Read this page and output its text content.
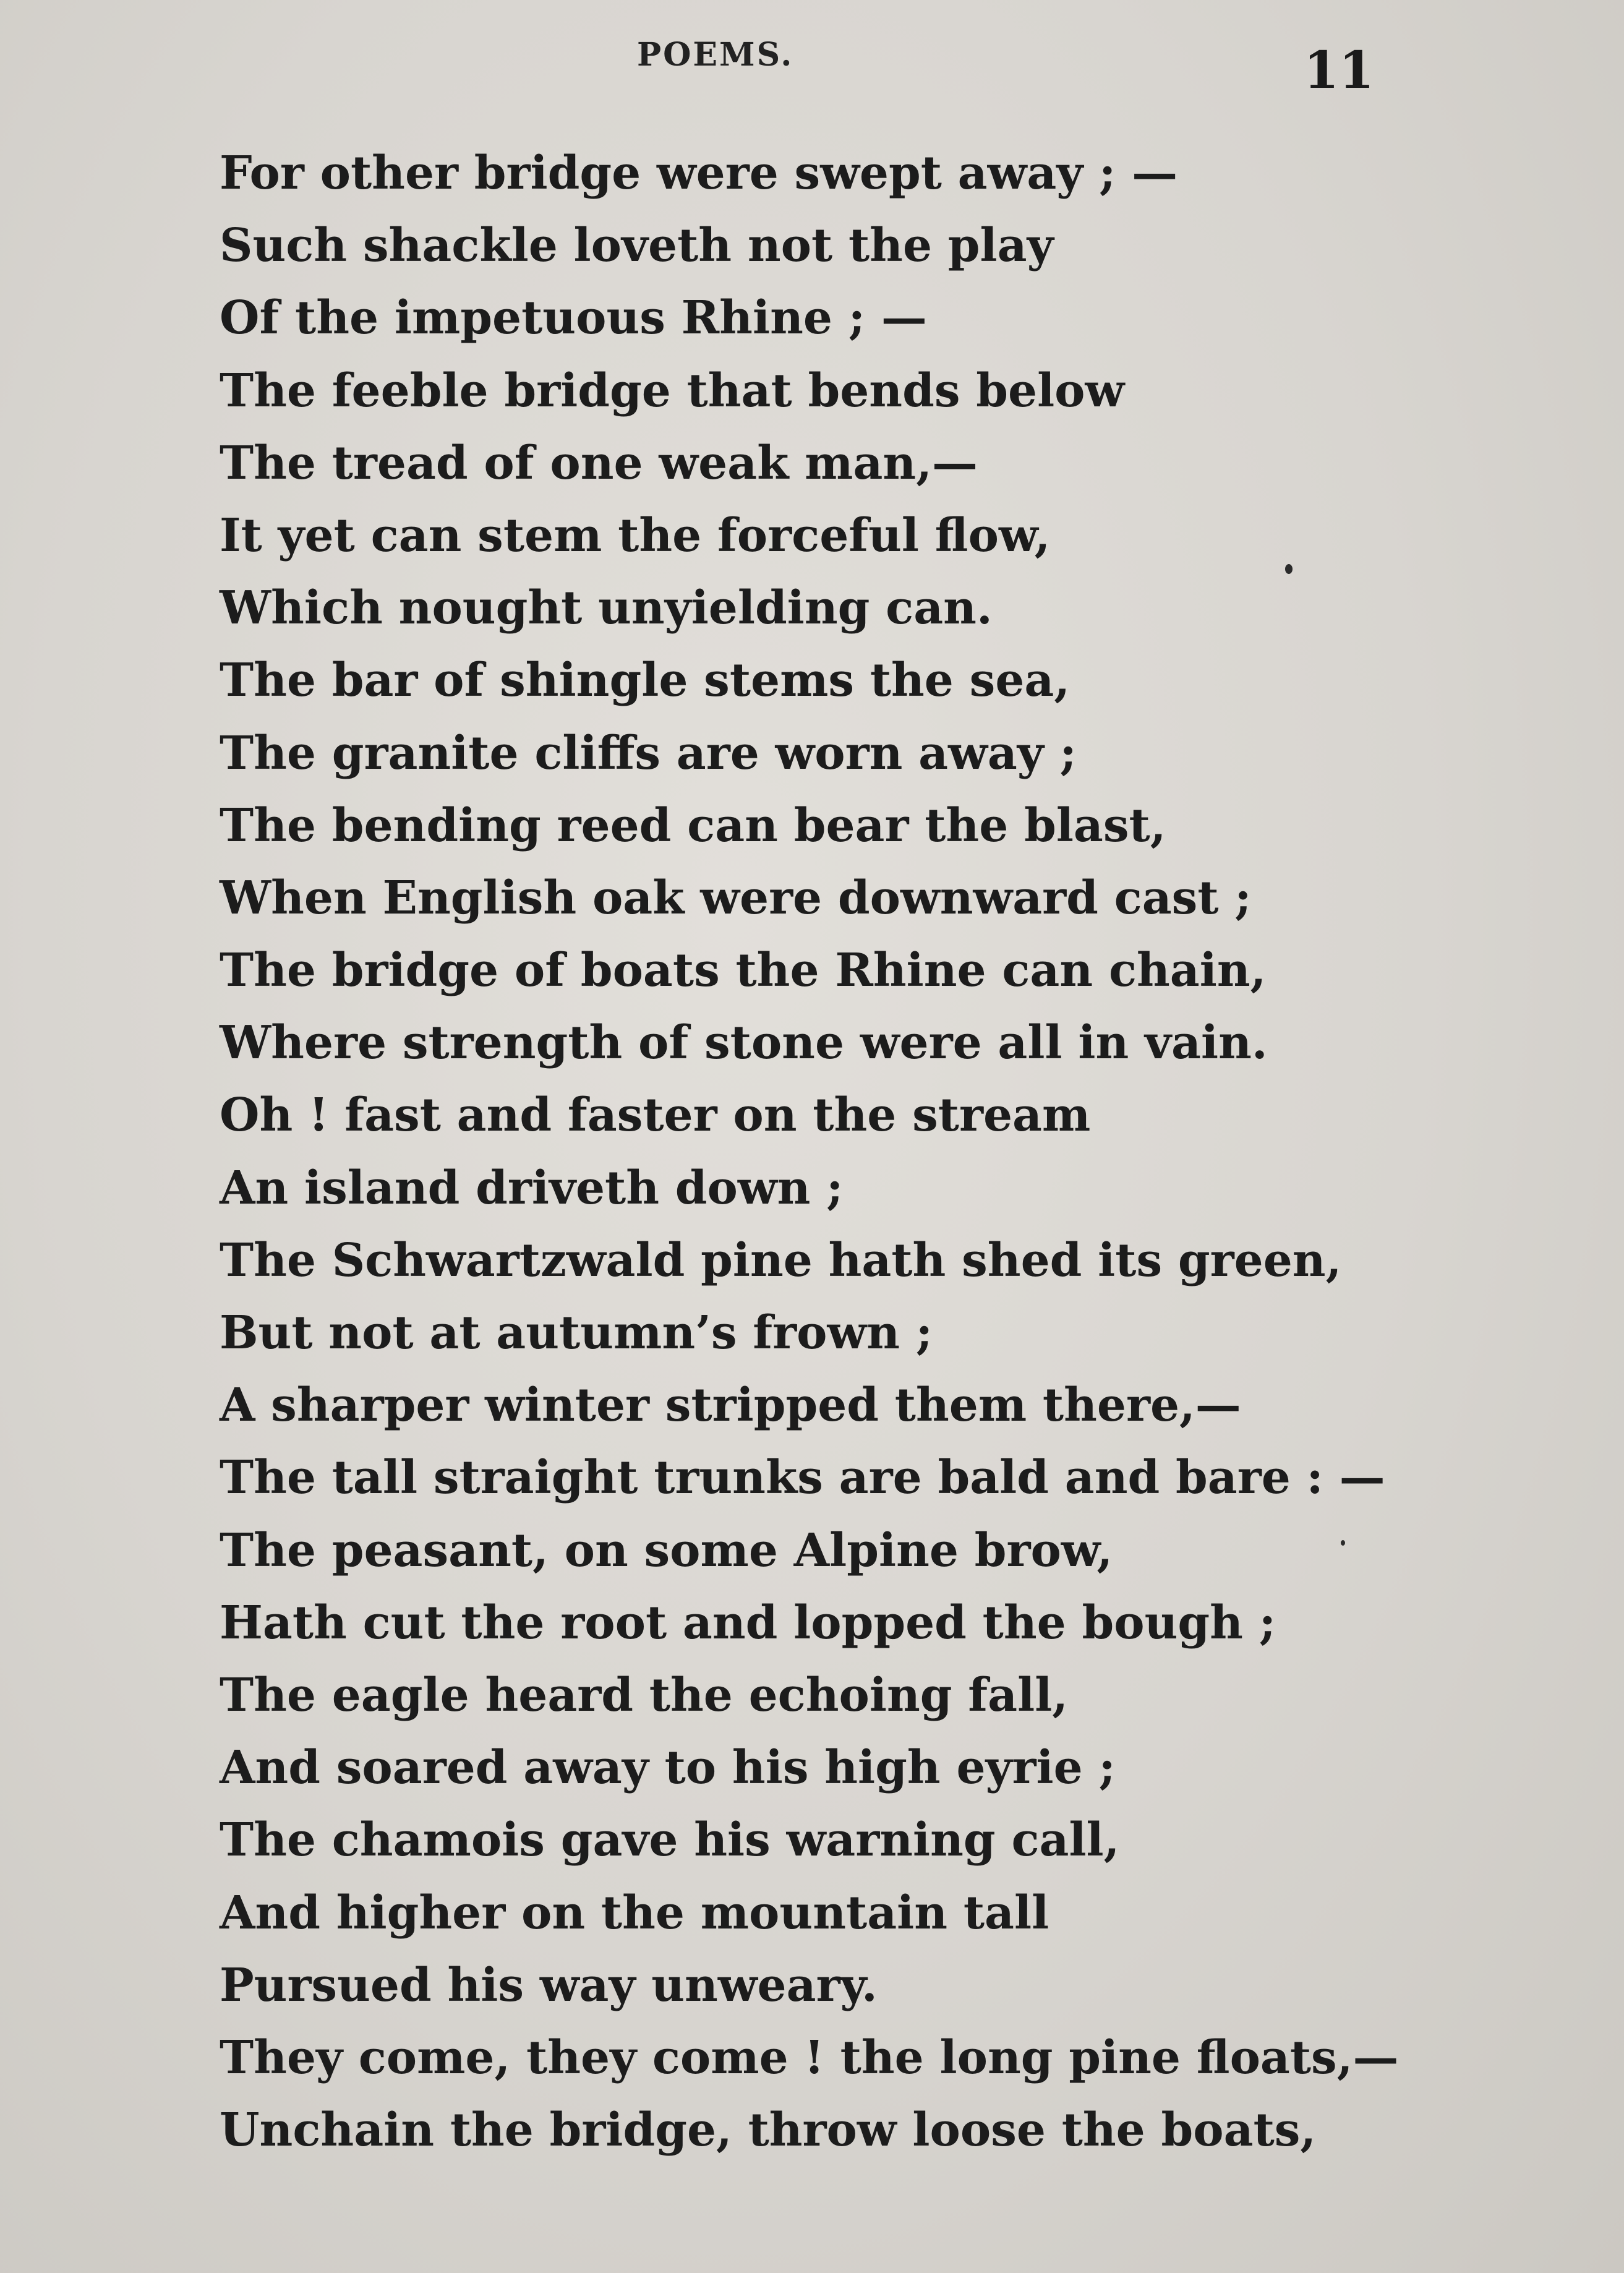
POEMS.	11
For other bridge were swept away ; —
Such shackle loveth not the play
Of the impetuous Rhine ; —
The feeble bridge that bends below
The tread of one weak man,—
It yet can stem the forceful flow,
Which nought unyielding can.
The bar of shingle stems the sea,
The granite cliffs are worn away ;
The bending reed can bear the blast,
When English oak were downward cast ;
The bridge of boats the Rhine can chain,
Where strength of stone were all in vain.
Oh ! fast and faster on the stream
An island driveth down ;
The Schwartzwald pine hath shed its green,
But not at autumn’s frown ;
A sharper winter stripped them there,—
The tall straight trunks are bald and bare : —
The peasant, on some Alpine brow,
Hath cut the root and lopped the bough ;
The eagle heard the echoing fall,
And soared away to his high eyrie ;
The chamois gave his warning call,
And higher on the mountain tall
Pursued his way unweary.
They come, they come ! the long pine floats,—
Unchain the bridge, throw loose the boats,
